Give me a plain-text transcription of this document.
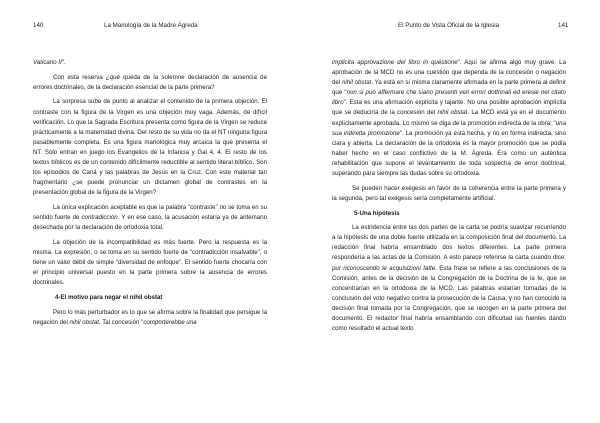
140	La Mariología de la Madre Ágreda

Vaticano II".

Con esta reserva ¿qué queda de la solemne declaración de ausencia de errores doctrinales, de la declaración esencial de la parte primera?

La sorpresa sube de punto al analizar el contenido de la primera objeción. El contraste con la figura de la Virgen es una objeción muy vaga. Además, de difícil verificación. Lo que la Sagrada Escritura presenta como figura de la Virgen se reduce prácticamente a la maternidad divina. Del resto de su vida no da el NT ninguna figura pasablemente completa. Es una figura mariológica muy arcaica la que presenta el NT. Solo entran en juego los Evangelios de la Infancia y Gal 4, 4. El resto de los textos bíblicos es de un contenido difícilmente reductible al sentido literal bíblico. Son los episodios de Caná y las palabras de Jesús en la Cruz. Con este material tan fragmentario ¿se puede pronunciar un dictamen global de contrastes en la presentación global de la figura de la Virgen?

La única explicación aceptable es que la palabra "contraste" no se toma en su sentido fuerte de contradicción. Y en ese caso, la acusación estaría ya de antemano desechada por la declaración de ortodoxia total.

La objeción de la incompatibilidad es más fuerte. Pero la respuesta es la misma. La expresión, o se toma en su sentido fuerte de "contradicción insalvable", o tiene un valor débil de simple "diversidad de enfoque". El sentido fuerte chocaría con el principio universal puesto en la parte primera sobre la ausencia de errores doctrinales.

4-El motivo para negar el nihil obstat

Pero lo más perturbador es lo que se afirma sobre la finalidad que persigue la negación del nihil obstat. Tal concesión "comporterebbe una

El Punto de Vista Oficial de la Iglesia	141

implicita approvazione del libro in questione". Aquí se afirma algo muy grave. La aprobación de la MCD no es una cuestión que dependa de la concesión o negación del nihil obstat. Ya está en sí misma claramente afirmada en la parte primera al definir que "non si può affermare che siano presenti veri errori dottrinali ed eresie nel citato libro". Esta es una afirmación explícita y tajante. No una posible aprobación implícita que se deduciría de la concesión del nihil obstat. La MCD está ya en el documento explícitamente aprobada. Lo mismo se diga de la promoción indirecta de la obra: "una sua indiretta promozione". La promoción ya está hecha, y no en forma indirecta, sino clara y abierta. La declaración de la ortodoxia es la mayor promoción que se podía haber hecho en el caso conflictivo de la M. Ágreda. Era como un auténtica rehabilitación que supone el levantamiento de toda sospecha de error doctrinal, superando para siempre las dudas sobre su ortodoxia.

Se pueden hacer exégesis en favor de la coherencia entre la parte primera y la segunda, pero tal exégesis sería completamente artificial.

5-Una hipótesis

La estridencia entre las dos partes de la carta se podría suavizar recurriendo a la hipótesis de una doble fuente utilizada en la composición final del documento. La redacción final habría ensamblado dos textos diferentes. La parte primera respondería a las actas de la Comisión. A esto parece referirse la carta cuando dice: pur riconoscendo le acquisizioni fatte. Esta frase se refiere a las conclusiones de la Comisión, antes de la decisión de la Congregación de la Doctrina de la fe, que se concentrarían en la ortodoxia de la MCD. Las palabras estarían tomadas de la conclusión del voto negativo contra la prosecución de la Causa, y no han conocido la decisión final tomada por la Congregación, que se recogen en la parte primera del documento. El redactor final habría ensamblando con dificultad las fuentes dando como resultado el actual texto
